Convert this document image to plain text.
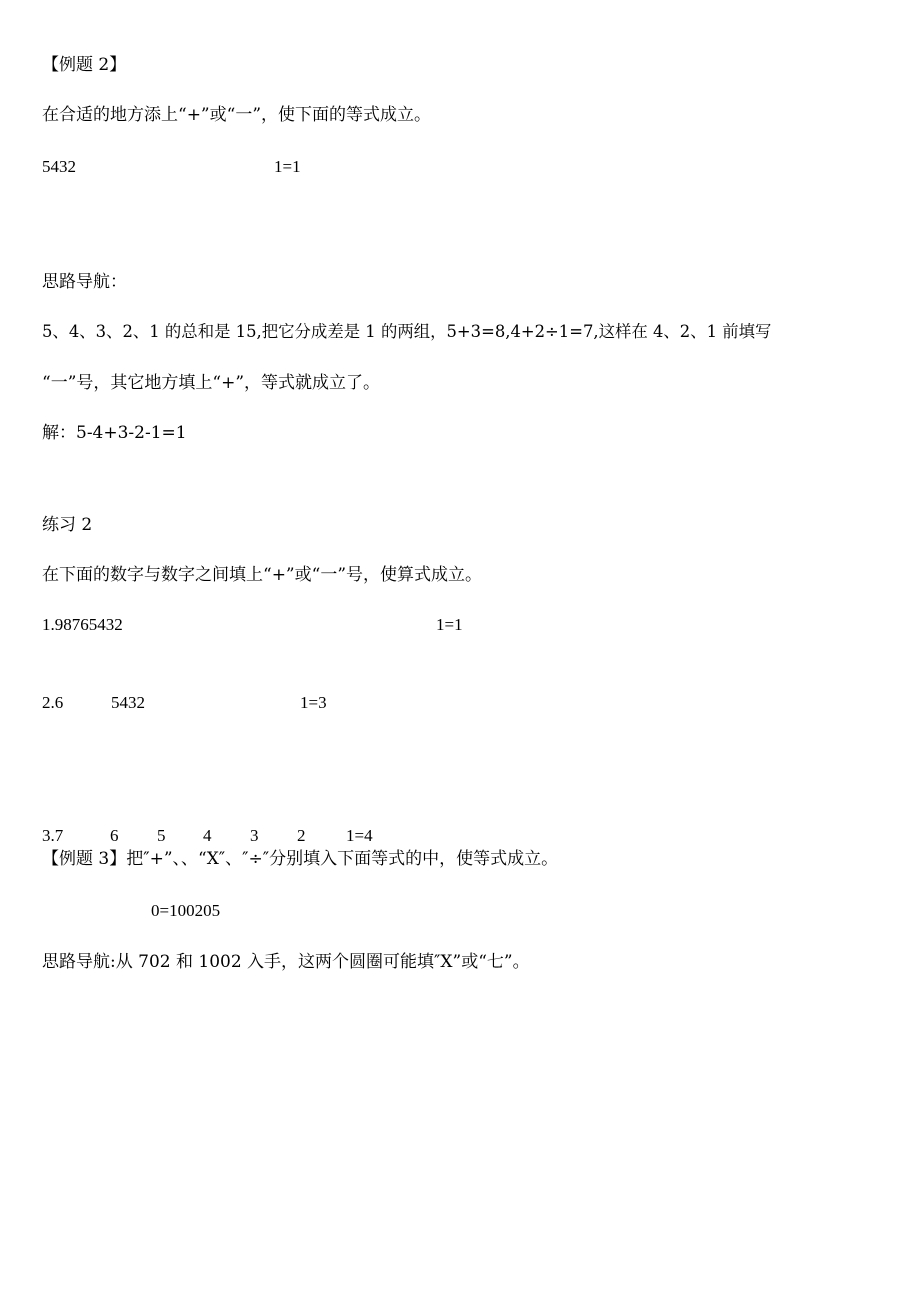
【例题 2】
在合适的地方添上“+”或“一”，使下面的等式成立。
5432	1=1
思路导航：
5、4、3、2、1 的总和是 15,把它分成差是 1 的两组，5+3=8,4+2÷1=7,这样在 4、2、1 前填写
“一”号，其它地方填上“+”，等式就成立了。
解：5-4+3-2-1=1
练习 2
在下面的数字与数字之间填上“+”或“一”号，使算式成立。
1.98765432	1=1
2.6	5432	1=3
3.7	6 5 4 3 2 1=4
【例题 3】把″+”、、“X″、″÷″分别填入下面等式的中，使等式成立。
0=100205
思路导航:从 702 和 1002 入手，这两个圆圈可能填″X”或“七”。
